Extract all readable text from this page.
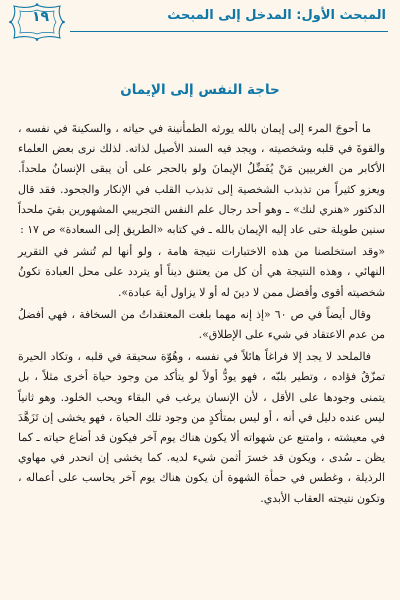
المبحث الأول: المدخل إلى المبحث
١٩
حاجة النفس إلى الإيمان

ما أحوجَ المرء إلى إيمان بالله يورثه الطمأنينة في حياته ، والسكينةَ في نفسه ، والقوةَ في قلبه وشخصيته ، ويجد فيه السند الأصيل لذاته. لذلك نرى بعض العلماء الأكابر من الغربيين مَنْ يُفَضِّلُ الإيمانَ ولو بالحجر على أن يبقى الإنسانُ ملحداً. ويعزو كثيراً من تذبذب الشخصية إلى تذبذب القلب في الإنكار والجحود. فقد قال الدكتور «هنري لنك» ـ وهو أحد رجال علم النفس التجريبي المشهورين بقيَ ملحداً سنين طويلة حتى عاد إليه الإيمان بالله ـ في كتابه «الطريق إلى السعادة» ص ١٧ :

«وقد استخلصنا من هذه الاختبارات نتيجة هامة ، ولو أنها لم تُنشر في التقرير النهائي ، وهذه النتيجة هي أن كل من يعتنق ديناً أو يتردد على محل العبادة تكونُ شخصيته أقوى وأفضل ممن لا دينَ له أو لا يزاول أية عبادة».

وقال أيضاً في ص ٦٠ «إذ إنه مهما بلغت المعتقداتُ من السخافة ، فهي أفضلُ من عدم الاعتقاد في شيء على الإطلاق».

فالملحد لا يجد إلا فراغاً هائلاً في نفسه ، وهُوّة سحيقة في قلبه ، وتكاد الحيرة تمزّقُ فؤاده ، وتطير بلبّه ، فهو يودُّ أولاً لو يتأكد من وجود حياة أخرى مثلاً ، بل يتمنى وجودها على الأقل ، لأن الإنسان يرغب في البقاء ويحب الخلود. وهو ثانياً ليس عنده دليل في أنه ، أو ليس بمتأكدٍ من وجود تلك الحياة ، فهو يخشى إن تَزَهَّدَ في معيشته ، وامتنع عن شهواته ألا يكون هناك يوم آخر فيكون قد أضاع حياته ـ كما يظن ـ سُدى ، ويكون قد خسرَ أثمن شيء لديه. كما يخشى إن انحدر في مهاوي الرذيلة ، وغطس في حمأة الشهوة أن يكون هناك يوم آخر يحاسب على أعماله ، وتكون نتيجته العقاب الأبدي.
